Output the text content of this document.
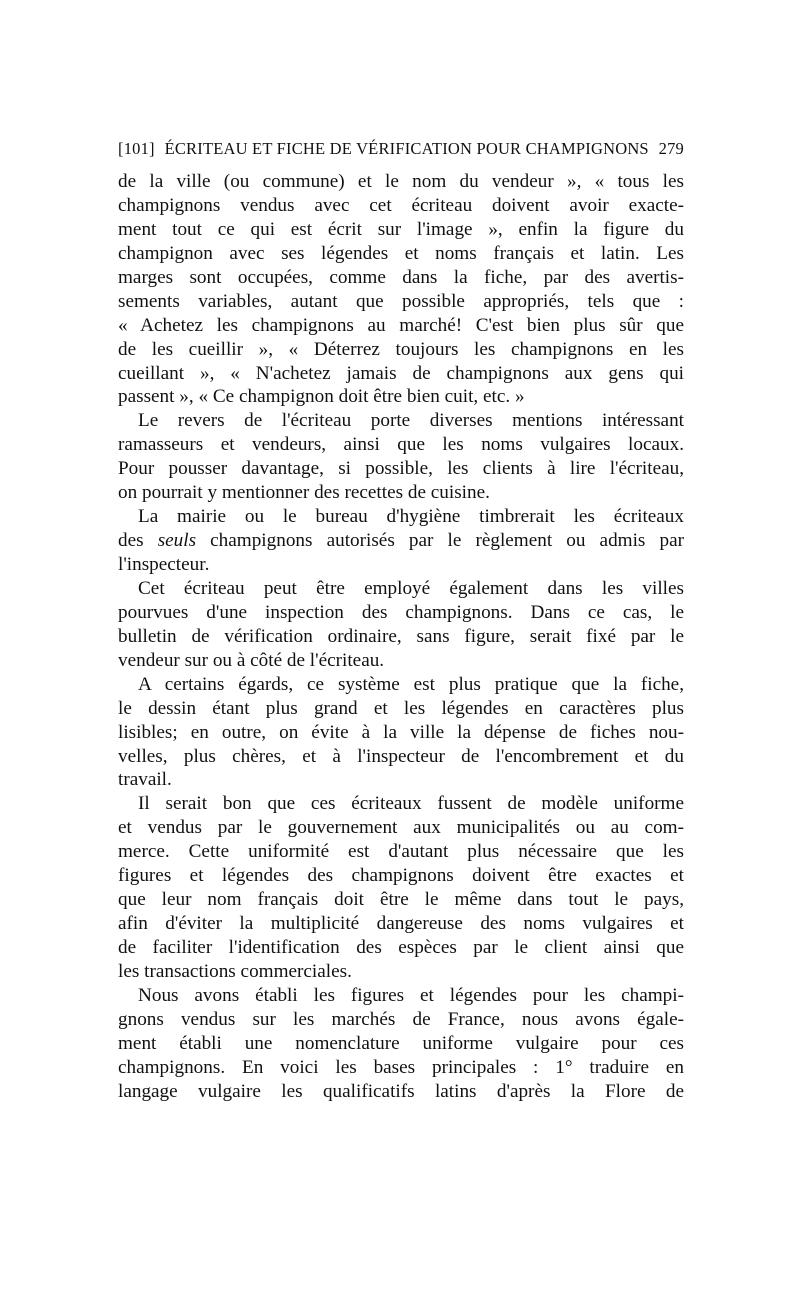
[101] ÉCRITEAU ET FICHE DE VÉRIFICATION POUR CHAMPIGNONS 279
de la ville (ou commune) et le nom du vendeur », « tous les
champignons vendus avec cet écriteau doivent avoir exacte-
ment tout ce qui est écrit sur l'image », enfin la figure du
champignon avec ses légendes et noms français et latin. Les
marges sont occupées, comme dans la fiche, par des avertis-
sements variables, autant que possible appropriés, tels que :
« Achetez les champignons au marché! C'est bien plus sûr que
de les cueillir », « Déterrez toujours les champignons en les
cueillant », « N'achetez jamais de champignons aux gens qui
passent », « Ce champignon doit être bien cuit, etc. »
Le revers de l'écriteau porte diverses mentions intéressant
ramasseurs et vendeurs, ainsi que les noms vulgaires locaux.
Pour pousser davantage, si possible, les clients à lire l'écriteau,
on pourrait y mentionner des recettes de cuisine.
La mairie ou le bureau d'hygiène timbrerait les écriteaux
des seuls champignons autorisés par le règlement ou admis par
l'inspecteur.
Cet écriteau peut être employé également dans les villes
pourvues d'une inspection des champignons. Dans ce cas, le
bulletin de vérification ordinaire, sans figure, serait fixé par le
vendeur sur ou à côté de l'écriteau.
A certains égards, ce système est plus pratique que la fiche,
le dessin étant plus grand et les légendes en caractères plus
lisibles; en outre, on évite à la ville la dépense de fiches nou-
velles, plus chères, et à l'inspecteur de l'encombrement et du
travail.
Il serait bon que ces écriteaux fussent de modèle uniforme
et vendus par le gouvernement aux municipalités ou au com-
merce. Cette uniformité est d'autant plus nécessaire que les
figures et légendes des champignons doivent être exactes et
que leur nom français doit être le même dans tout le pays,
afin d'éviter la multiplicité dangereuse des noms vulgaires et
de faciliter l'identification des espèces par le client ainsi que
les transactions commerciales.
Nous avons établi les figures et légendes pour les champi-
gnons vendus sur les marchés de France, nous avons égale-
ment établi une nomenclature uniforme vulgaire pour ces
champignons. En voici les bases principales : 1° traduire en
langage vulgaire les qualificatifs latins d'après la Flore de
